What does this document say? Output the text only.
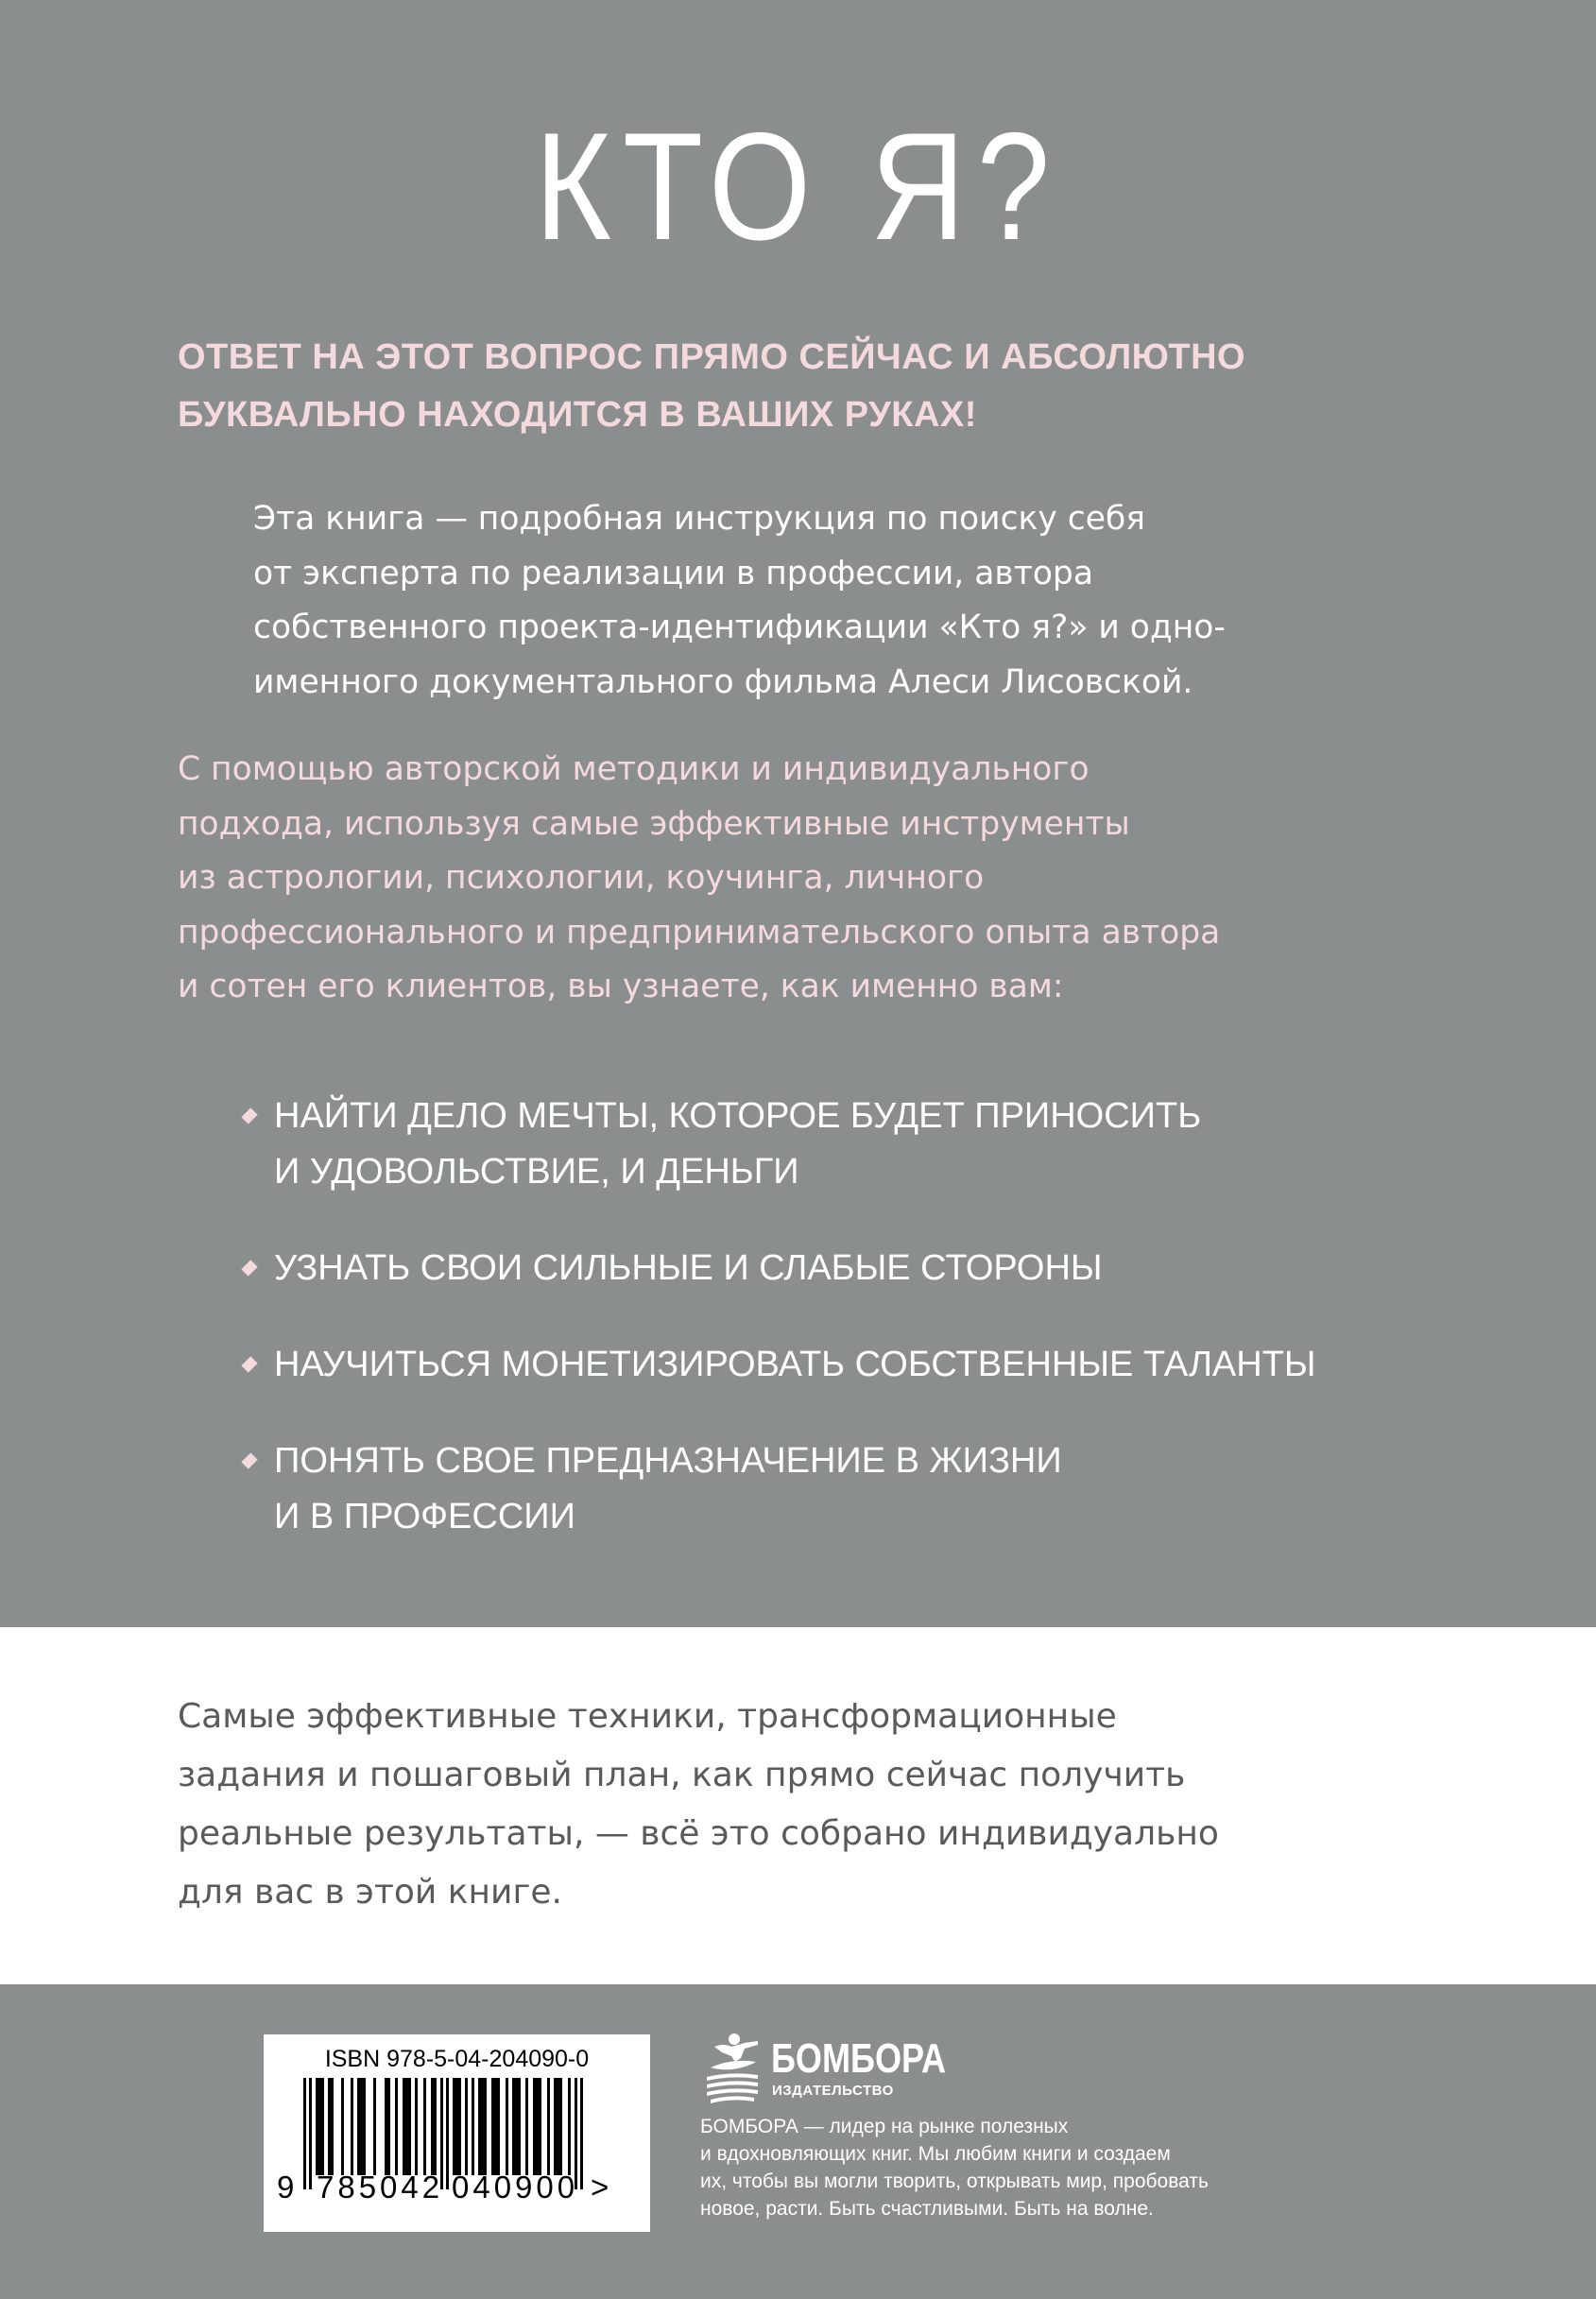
КТО Я?
ОТВЕТ НА ЭТОТ ВОПРОС ПРЯМО СЕЙЧАС И АБСОЛЮТНО
БУКВАЛЬНО НАХОДИТСЯ В ВАШИХ РУКАХ!
Эта книга — подробная инструкция по поиску себя
от эксперта по реализации в профессии, автора
собственного проекта-идентификации «Кто я?» и одно-
именного документального фильма Алеси Лисовской.
С помощью авторской методики и индивидуального
подхода, используя самые эффективные инструменты
из астрологии, психологии, коучинга, личного
профессионального и предпринимательского опыта автора
и сотен его клиентов, вы узнаете, как именно вам:
НАЙТИ ДЕЛО МЕЧТЫ, КОТОРОЕ БУДЕТ ПРИНОСИТЬ
И УДОВОЛЬСТВИЕ, И ДЕНЬГИ
УЗНАТЬ СВОИ СИЛЬНЫЕ И СЛАБЫЕ СТОРОНЫ
НАУЧИТЬСЯ МОНЕТИЗИРОВАТЬ СОБСТВЕННЫЕ ТАЛАНТЫ
ПОНЯТЬ СВОЕ ПРЕДНАЗНАЧЕНИЕ В ЖИЗНИ
И В ПРОФЕССИИ
Самые эффективные техники, трансформационные
задания и пошаговый план, как прямо сейчас получить
реальные результаты, — всё это собрано индивидуально
для вас в этой книге.
ISBN 978-5-04-204090-0
9 785042 040900 >
БОМБОРА
ИЗДАТЕЛЬСТВО
БОМБОРА — лидер на рынке полезных
и вдохновляющих книг. Мы любим книги и создаем
их, чтобы вы могли творить, открывать мир, пробовать
новое, расти. Быть счастливыми. Быть на волне.
